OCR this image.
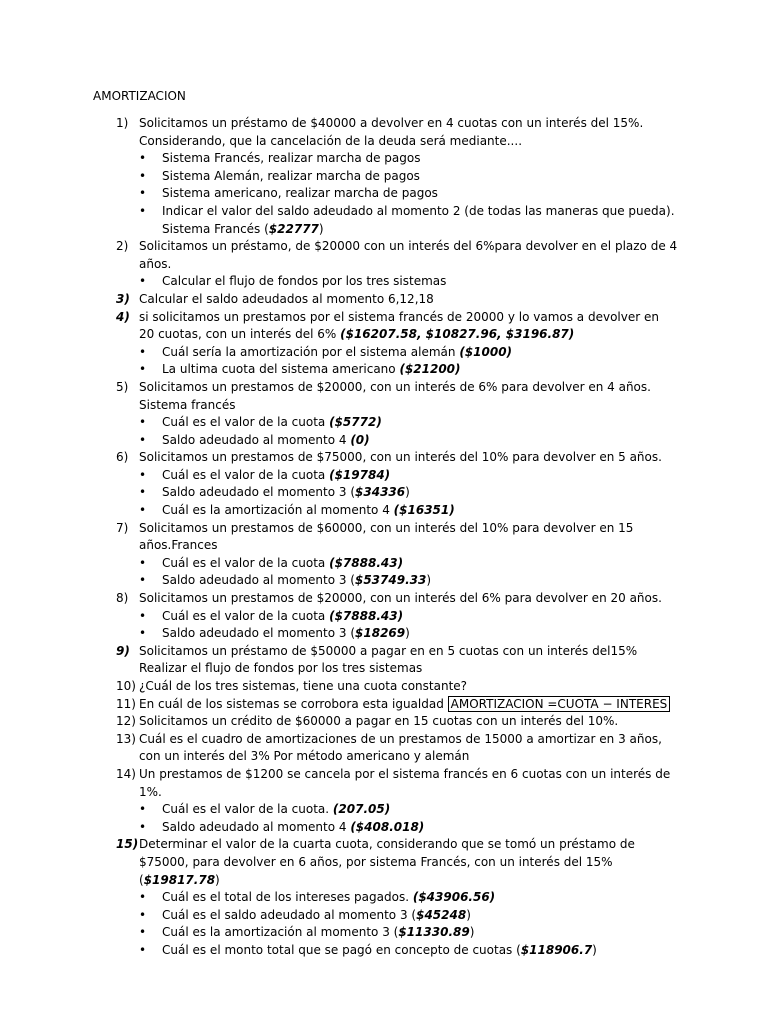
AMORTIZACION
1) Solicitamos un préstamo de $40000 a devolver en 4 cuotas con un interés del 15%. Considerando, que la cancelación de la deuda será mediante....
• Sistema Francés, realizar marcha de pagos
• Sistema Alemán, realizar marcha de pagos
• Sistema americano, realizar marcha de pagos
• Indicar el valor del saldo adeudado al momento 2 (de todas las maneras que pueda).
Sistema Francés ($22777)
2) Solicitamos un préstamo, de $20000 con un interés del 6%para devolver en el plazo de 4 años.
• Calcular el flujo de fondos por los tres sistemas
3) Calcular el saldo adeudados al momento 6,12,18
4) si solicitamos un prestamos por el sistema francés de 20000 y lo vamos a devolver en 20 cuotas, con un interés del 6% ($16207.58, $10827.96, $3196.87)
• Cuál sería la amortización por el sistema alemán ($1000)
• La ultima cuota del sistema americano ($21200)
5) Solicitamos un prestamos de $20000, con un interés de 6% para devolver en 4 años. Sistema francés
• Cuál es el valor de la cuota ($5772)
• Saldo adeudado al momento 4 (0)
6) Solicitamos un prestamos de $75000, con un interés del 10% para devolver en 5 años.
• Cuál es el valor de la cuota ($19784)
• Saldo adeudado el momento 3 ($34336)
• Cuál es la amortización al momento 4 ($16351)
7) Solicitamos un prestamos de $60000, con un interés del 10% para devolver en 15 años.Frances
• Cuál es el valor de la cuota ($7888.43)
• Saldo adeudado al momento 3 ($53749.33)
8) Solicitamos un prestamos de $20000, con un interés del 6% para devolver en 20 años.
• Cuál es el valor de la cuota ($7888.43)
• Saldo adeudado el momento 3 ($18269)
9) Solicitamos un préstamo de $50000 a pagar en en 5 cuotas con un interés del15% Realizar el flujo de fondos por los tres sistemas
10) ¿Cuál de los tres sistemas, tiene una cuota constante?
11) En cuál de los sistemas se corrobora esta igualdad AMORTIZACION =CUOTA − INTERES
12) Solicitamos un crédito de $60000 a pagar en 15 cuotas con un interés del 10%.
13) Cuál es el cuadro de amortizaciones de un prestamos de 15000 a amortizar en 3 años, con un interés del 3% Por método americano y alemán
14) Un prestamos de $1200 se cancela por el sistema francés en 6 cuotas con un interés de 1%.
• Cuál es el valor de la cuota. (207.05)
• Saldo adeudado al momento 4 ($408.018)
15) Determinar el valor de la cuarta cuota, considerando que se tomó un préstamo de $75000, para devolver en 6 años, por sistema Francés, con un interés del 15% ($19817.78)
• Cuál es el total de los intereses pagados. ($43906.56)
• Cuál es el saldo adeudado al momento 3 ($45248)
• Cuál es la amortización al momento 3 ($11330.89)
• Cuál es el monto total que se pagó en concepto de cuotas ($118906.7)
